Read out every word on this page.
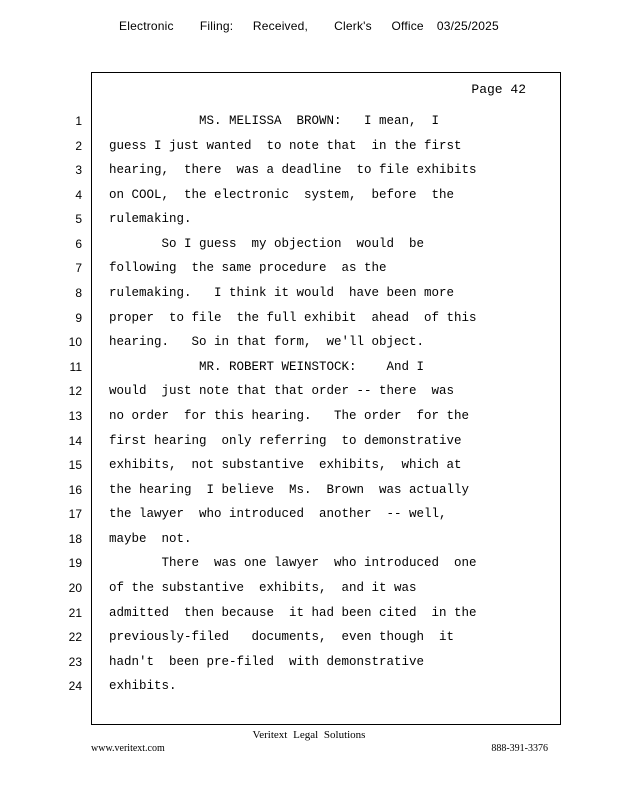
Electronic    Filing:   Received,    Clerk's   Office  03/25/2025
Page 42
1
2
3
4
5
6
7
8
9
10
11
12
13
14
15
16
17
18
19
20
21
22
23
24
MS. MELISSA  BROWN:   I mean,  I
guess I just wanted  to note that  in the first
hearing,  there  was a deadline  to file exhibits
on COOL,  the electronic  system,  before  the
rulemaking.
So I guess  my objection  would  be
following  the same procedure  as the
rulemaking.   I think it would  have been more
proper  to file  the full exhibit  ahead  of this
hearing.   So in that form,  we'll object.
MR. ROBERT WEINSTOCK:    And I
would  just note that that order -- there  was
no order  for this hearing.   The order  for the
first hearing  only referring  to demonstrative
exhibits,  not substantive  exhibits,  which at
the hearing  I believe  Ms.  Brown  was actually
the lawyer  who introduced  another  -- well,
maybe  not.
There  was one lawyer  who introduced  one
of the substantive  exhibits,  and it was
admitted  then because  it had been cited  in the
previously-filed   documents,  even though  it
hadn't  been pre-filed  with demonstrative
exhibits.
Veritext Legal Solutions
www.veritext.com	888-391-3376
